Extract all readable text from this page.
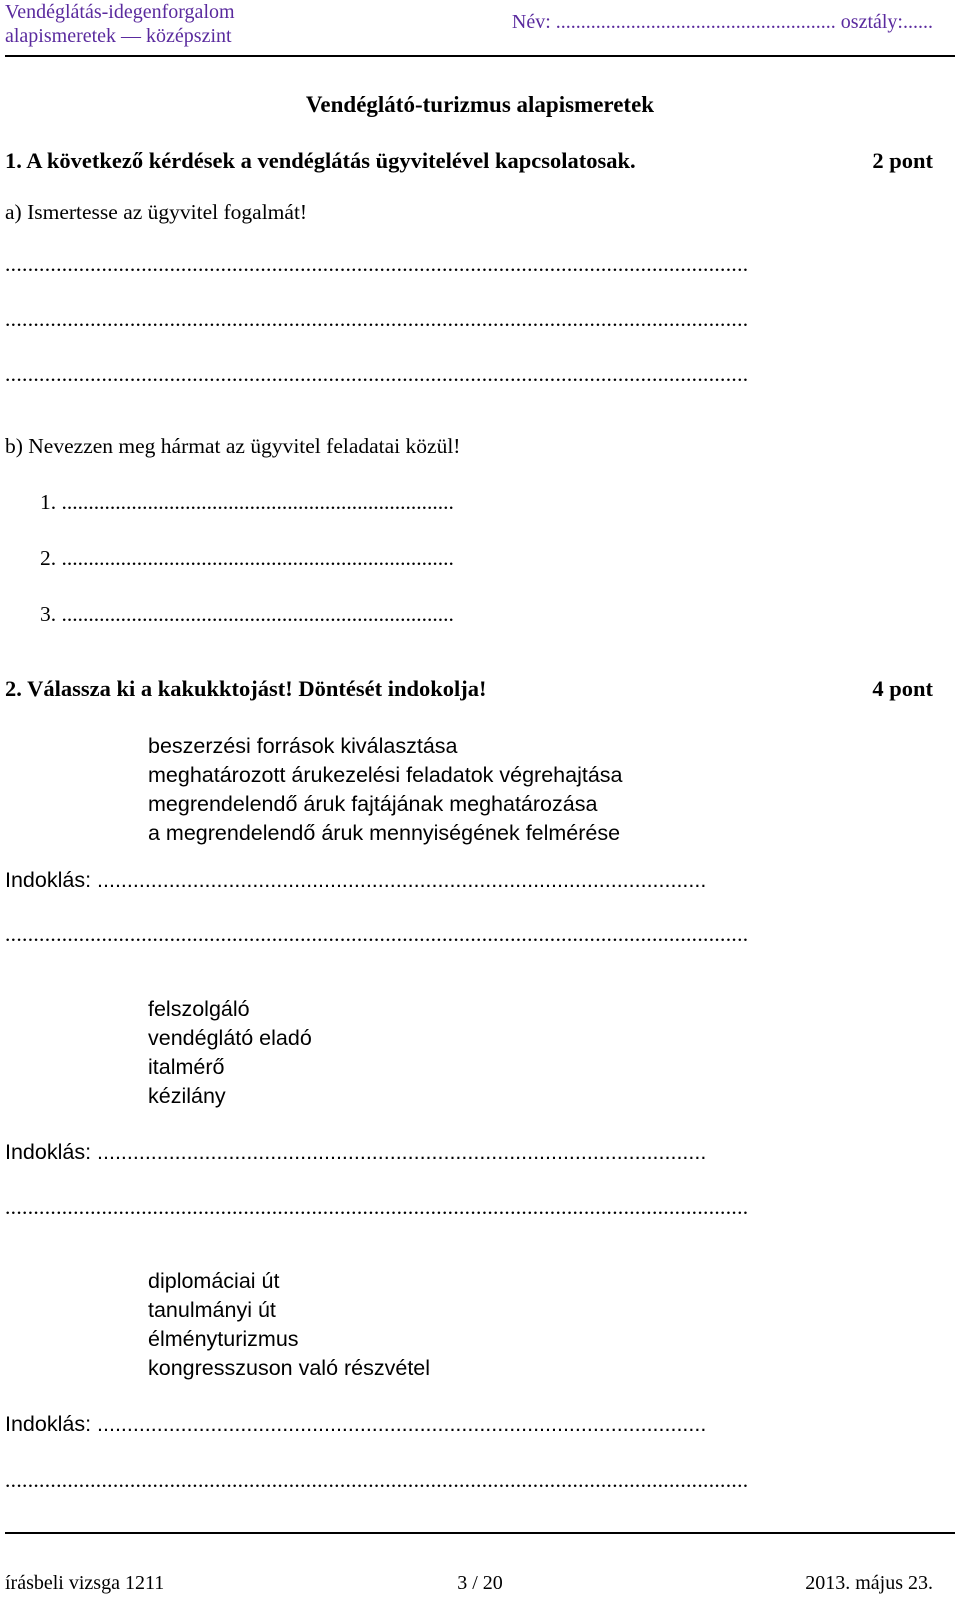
Vendéglátás-idegenforgalom
alapismeretek — középszint
Név: ........................................................ osztály:......
Vendéglátó-turizmus alapismeretek
1. A következő kérdések a vendéglátás ügyvitelével kapcsolatosak.	2 pont
a) Ismertesse az ügyvitel fogalmát!
...................................................................................................................................
...................................................................................................................................
...................................................................................................................................
b) Nevezzen meg hármat az ügyvitel feladatai közül!
1. .........................................................................
2. .........................................................................
3. .........................................................................
2. Válassza ki a kakukktojást! Döntését indokolja!	4 pont
beszerzési források kiválasztása
meghatározott árukezelési feladatok végrehajtása
megrendelendő áruk fajtájának meghatározása
a megrendelendő áruk mennyiségének felmérése
Indoklás: ......................................................................................................
...................................................................................................................................
felszolgáló
vendéglátó eladó
italmérő
kézilány
Indoklás: ......................................................................................................
...................................................................................................................................
diplomáciai út
tanulmányi út
élményturizmus
kongresszuson való részvétel
Indoklás: ......................................................................................................
...................................................................................................................................
írásbeli vizsga 1211	3 / 20	2013. május 23.
